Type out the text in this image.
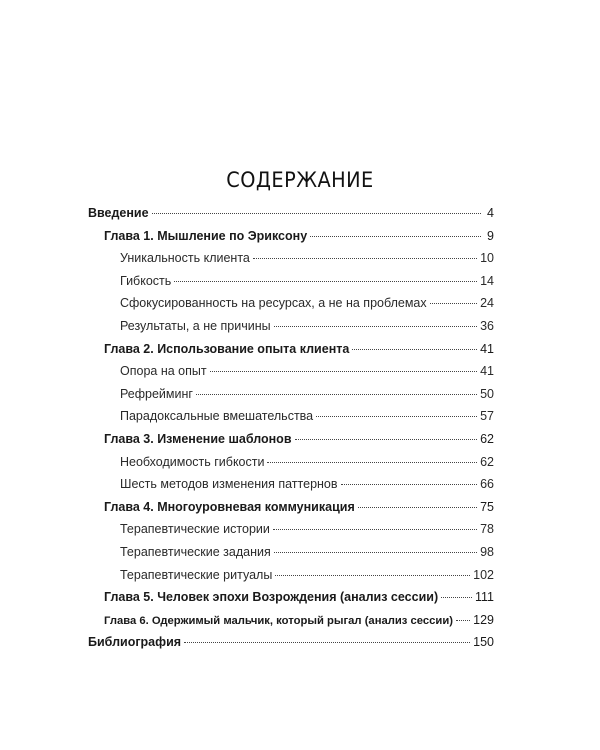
СОДЕРЖАНИЕ
Введение	4
Глава 1. Мышление по Эриксону	9
Уникальность клиента	10
Гибкость	14
Сфокусированность на ресурсах, а не на проблемах	24
Результаты, а не причины	36
Глава 2. Использование опыта клиента	41
Опора на опыт	41
Рефрейминг	50
Парадоксальные вмешательства	57
Глава 3. Изменение шаблонов	62
Необходимость гибкости	62
Шесть методов изменения паттернов	66
Глава 4. Многоуровневая коммуникация	75
Терапевтические истории	78
Терапевтические задания	98
Терапевтические ритуалы	102
Глава 5. Человек эпохи Возрождения (анализ сессии)	111
Глава 6. Одержимый мальчик, который рыгал (анализ сессии) 129
Библиография	150
